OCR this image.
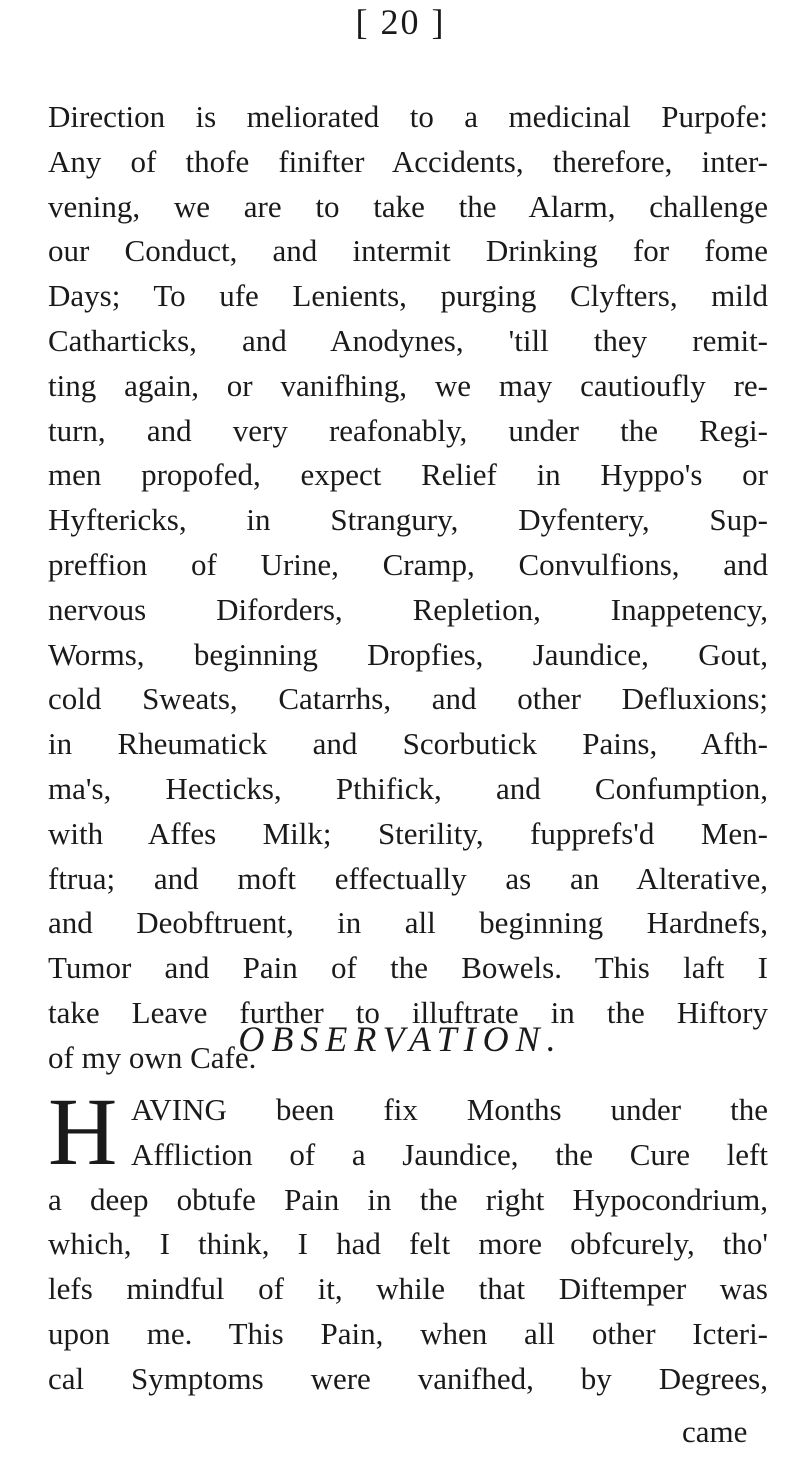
[ 20 ]
Direction is meliorated to a medicinal Purpofe:
Any of thofe finifter Accidents, therefore, inter-
vening, we are to take the Alarm, challenge
our Conduct, and intermit Drinking for fome
Days; To ufe Lenients, purging Clyfters, mild
Catharticks, and Anodynes, 'till they remit-
ting again, or vanifhing, we may cautioufly re-
turn, and very reafonably, under the Regi-
men propofed, expect Relief in Hyppo's or
Hyftericks, in Strangury, Dyfentery, Sup-
preffion of Urine, Cramp, Convulfions, and
nervous Diforders, Repletion, Inappetency,
Worms, beginning Dropfies, Jaundice, Gout,
cold Sweats, Catarrhs, and other Defluxions;
in Rheumatick and Scorbutick Pains, Afth-
ma's, Hecticks, Pthifick, and Confumption,
with Affes Milk; Sterility, fupprefs'd Men-
ftrua; and moft effectually as an Alterative,
and Deobftruent, in all beginning Hardnefs,
Tumor and Pain of the Bowels. This laft I
take Leave further to illuftrate in the Hiftory
of my own Cafe.
OBSERVATION.
H AVING been fix Months under the
Affliction of a Jaundice, the Cure left
a deep obtufe Pain in the right Hypocondrium,
which, I think, I had felt more obfcurely, tho'
lefs mindful of it, while that Diftemper was
upon me. This Pain, when all other Icteri-
cal Symptoms were vanifhed, by Degrees,
came
